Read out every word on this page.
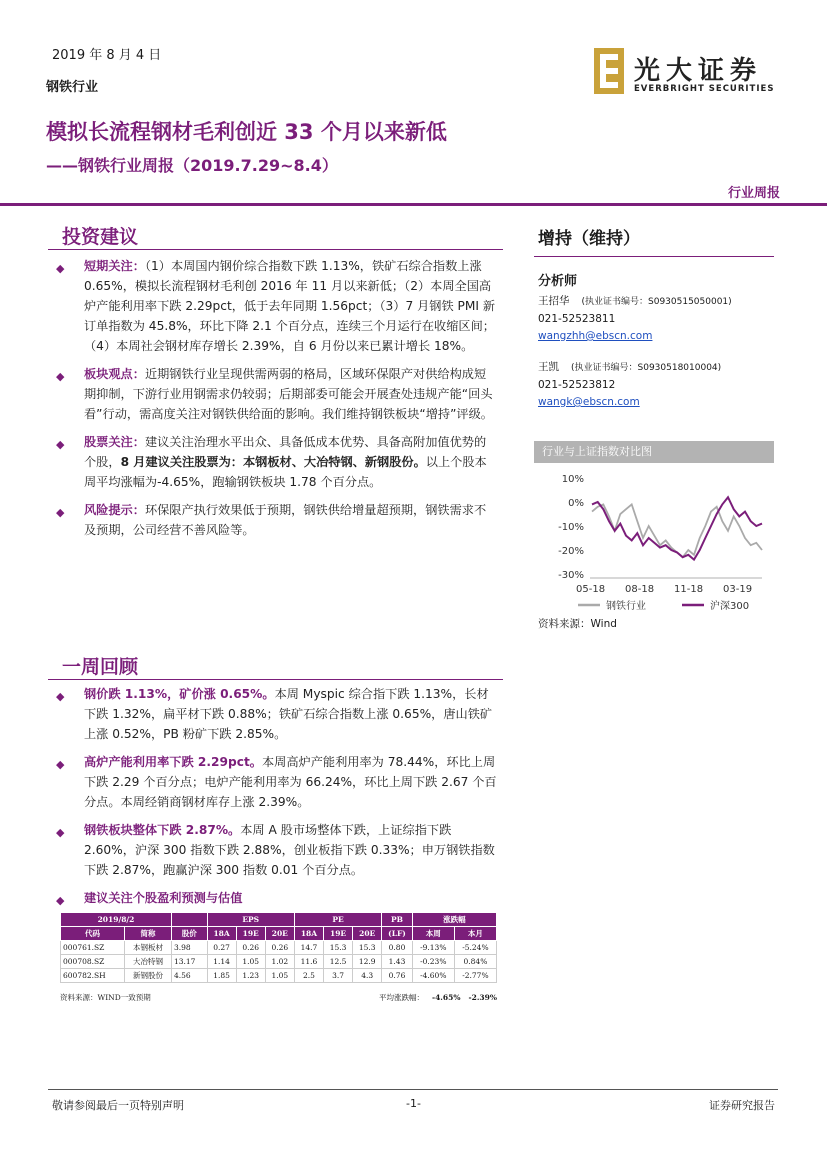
2019 年 8 月 4 日
钢铁行业
光大证券
EVERBRIGHT SECURITIES
模拟长流程钢材毛利创近 33 个月以来新低
——钢铁行业周报（2019.7.29~8.4）
行业周报
投资建议
◆ 短期关注：（1）本周国内钢价综合指数下跌 1.13%，铁矿石综合指数上涨 0.65%，模拟长流程钢材毛利创 2016 年 11 月以来新低；（2）本周全国高炉产能利用率下跌 2.29pct，低于去年同期 1.56pct；（3）7 月钢铁 PMI 新订单指数为 45.8%，环比下降 2.1 个百分点，连续三个月运行在收缩区间；（4）本周社会钢材库存增长 2.39%，自 6 月份以来已累计增长 18%。
◆ 板块观点：近期钢铁行业呈现供需两弱的格局，区域环保限产对供给构成短期抑制，下游行业用钢需求仍较弱；后期部委可能会开展查处违规产能“回头看”行动，需高度关注对钢铁供给面的影响。我们维持钢铁板块“增持”评级。
◆ 股票关注：建议关注治理水平出众、具备低成本优势、具备高附加值优势的个股，8 月建议关注股票为：本钢板材、大冶特钢、新钢股份。以上个股本周平均涨幅为-4.65%，跑输钢铁板块 1.78 个百分点。
◆ 风险提示：环保限产执行效果低于预期，钢铁供给增量超预期，钢铁需求不及预期，公司经营不善风险等。
一周回顾
◆ 钢价跌 1.13%，矿价涨 0.65%。本周 Myspic 综合指下跌 1.13%，长材下跌 1.32%，扁平材下跌 0.88%；铁矿石综合指数上涨 0.65%，唐山铁矿上涨 0.52%，PB 粉矿下跌 2.85%。
◆ 高炉产能利用率下跌 2.29pct。本周高炉产能利用率为 78.44%，环比上周下跌 2.29 个百分点；电炉产能利用率为 66.24%，环比上周下跌 2.67 个百分点。本周经销商钢材库存上涨 2.39%。
◆ 钢铁板块整体下跌 2.87%。本周 A 股市场整体下跌，上证综指下跌 2.60%，沪深 300 指数下跌 2.88%，创业板指下跌 0.33%；申万钢铁指数下跌 2.87%，跑赢沪深 300 指数 0.01 个百分点。
◆ 建议关注个股盈利预测与估值
2019/8/2			EPS			PE			PB	涨跌幅	
代码	简称	股价	18A	19E	20E	18A	19E	20E	(LF)	本周	本月
000761.SZ	本钢板材	3.98	0.27	0.26	0.26	14.7	15.3	15.3	0.80	-9.13%	-5.24%
000708.SZ	大冶特钢	13.17	1.14	1.05	1.02	11.6	12.5	12.9	1.43	-0.23%	0.84%
600782.SH	新钢股份	4.56	1.85	1.23	1.05	2.5	3.7	4.3	0.76	-4.60%	-2.77%
资料来源：WIND一致预期	平均涨跌幅： -4.65% -2.39%
增持（维持）
分析师
王招华 (执业证书编号：S0930515050001)
021-52523811
wangzhh@ebscn.com
王凯 (执业证书编号：S0930518010004)
021-52523812
wangk@ebscn.com
行业与上证指数对比图
10%
0%
-10%
-20%
-30%
05-18 08-18 11-18 03-19
钢铁行业	沪深300
资料来源：Wind
敬请参阅最后一页特别声明	-1-	证券研究报告
